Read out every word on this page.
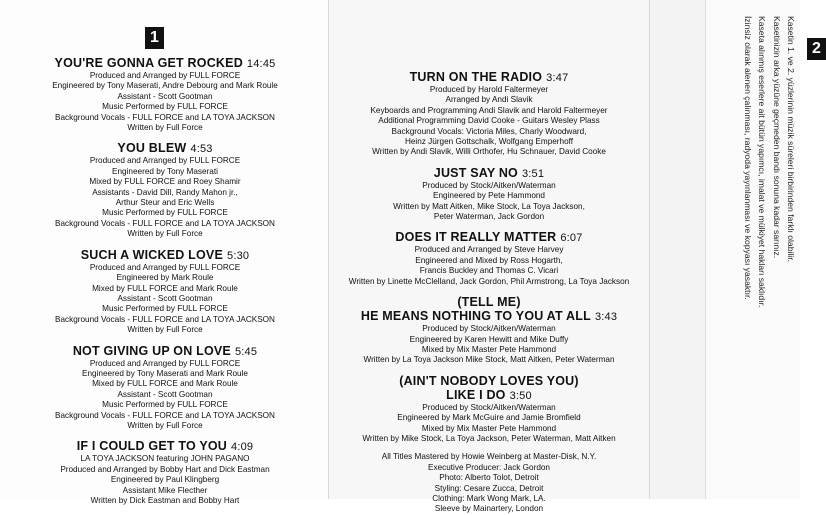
1
YOU'RE GONNA GET ROCKED 14:45
Produced and Arranged by FULL FORCE
Engineered by Tony Maserati, Andre Debourg and Mark Roule
Assistant - Scott Gootman
Music Performed by FULL FORCE
Background Vocals - FULL FORCE and LA TOYA JACKSON
Written by Full Force
YOU BLEW 4:53
Produced and Arranged by FULL FORCE
Engineered by Tony Maserati
Mixed by FULL FORCE and Roey Shamir
Assistants - David Dill, Randy Mahon jr.,
Arthur Steur and Eric Wells
Music Performed by FULL FORCE
Background Vocals - FULL FORCE and LA TOYA JACKSON
Written by Full Force
SUCH A WICKED LOVE 5:30
Produced and Arranged by FULL FORCE
Engineered by Mark Roule
Mixed by FULL FORCE and Mark Roule
Assistant - Scott Gootman
Music Performed by FULL FORCE
Background Vocals - FULL FORCE and LA TOYA JACKSON
Written by Full Force
NOT GIVING UP ON LOVE 5:45
Produced and Arranged by FULL FORCE
Engineered by Tony Maserati and Mark Roule
Mixed by FULL FORCE and Mark Roule
Assistant - Scott Gootman
Music Performed by FULL FORCE
Background Vocals - FULL FORCE and LA TOYA JACKSON
Written by Full Force
IF I COULD GET TO YOU 4:09
LA TOYA JACKSON featuring JOHN PAGANO
Produced and Arranged by Bobby Hart and Dick Eastman
Engineered by Paul Klingberg
Assistant Mike Flecther
Written by Dick Eastman and Bobby Hart
2
TURN ON THE RADIO 3:47
Produced by Harold Faltermeyer
Arranged by Andi Slavik
Keyboards and Programming Andi Slavik and Harold Faltermeyer
Additional Programming David Cooke - Guitars Wesley Plass
Background Vocals: Victoria Miles, Charly Woodward,
Heinz Jürgen Gottschalk, Wolfgang Emperhoff
Written by Andi Slavik, Willi Orthofer, Hu Schnauer, David Cooke
JUST SAY NO 3:51
Produced by Stock/Aitken/Waterman
Engineered by Pete Hammond
Written by Matt Aitken, Mike Stock, La Toya Jackson,
Peter Waterman, Jack Gordon
DOES IT REALLY MATTER 6:07
Produced and Arranged by Steve Harvey
Engineered and Mixed by Ross Hogarth,
Francis Buckley and Thomas C. Vicari
Written by Linette McClelland, Jack Gordon, Phil Armstrong, La Toya Jackson
(TELL ME)
HE MEANS NOTHING TO YOU AT ALL 3:43
Produced by Stock/Aitken/Waterman
Engineered by Karen Hewitt and Mike Duffy
Mixed by Mix Master Pete Hammond
Written by La Toya Jackson Mike Stock, Matt Aitken, Peter Waterman
(AIN'T NOBODY LOVES YOU)
LIKE I DO 3:50
Produced by Stock/Aitken/Waterman
Engineered by Mark McGuire and Jamie Bromfield
Mixed by Mix Master Pete Hammond
Written by Mike Stock, La Toya Jackson, Peter Waterman, Matt Aitken
All Titles Mastered by Howie Weinberg at Master-Disk, N.Y.
Executive Producer: Jack Gordon
Photo: Alberto Tolot, Detroit
Styling: Cesare Zucca, Detroit
Clothing: Mark Wong Mark, LA.
Sleeve by Mainartery, London

Kasetin 1. ve 2. yüzlerinin müzik süreleri birbirinden farklı olabilir.

Kasetinizin arka yüzüne geçmeden bandı sonuna kadar sarınız.

Kaseta alınmış eserlere ait bütün yapımcı, imalat ve mülkiyet hakları saklıdır.

İzinsiz olarak alenen çalınması, radyoda yayınlanması ve kopyası yasaktır.
